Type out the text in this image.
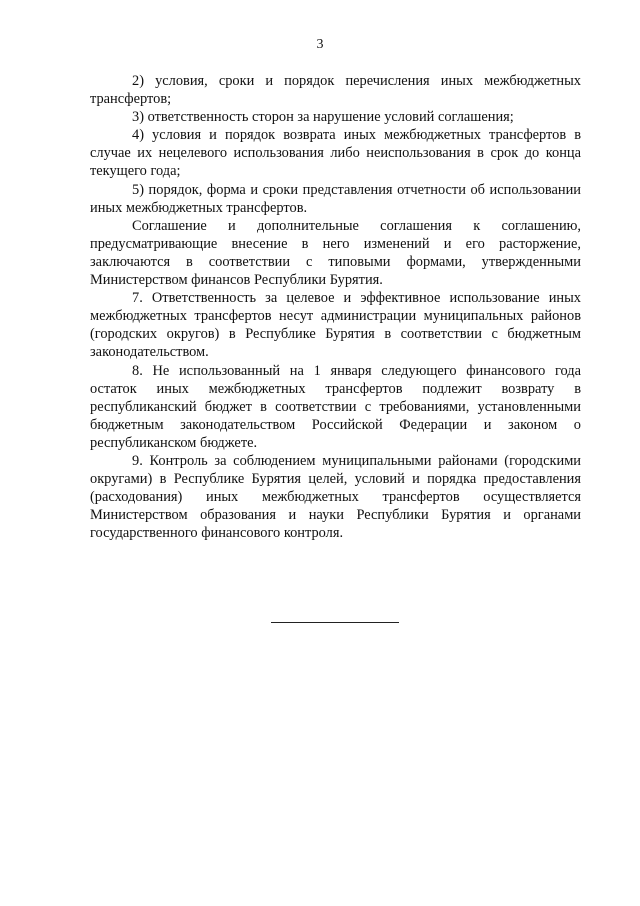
3

2) условия, сроки и порядок перечисления иных межбюджетных трансфертов;

3) ответственность сторон за нарушение условий соглашения;

4) условия и порядок возврата иных межбюджетных трансфертов в случае их нецелевого использования либо неиспользования в срок до конца текущего года;

5) порядок, форма и сроки представления отчетности об использовании иных межбюджетных трансфертов.

Соглашение и дополнительные соглашения к соглашению, предусматривающие внесение в него изменений и его расторжение, заключаются в соответствии с типовыми формами, утвержденными Министерством финансов Республики Бурятия.

7. Ответственность за целевое и эффективное использование иных межбюджетных трансфертов несут администрации муниципальных районов (городских округов) в Республике Бурятия в соответствии с бюджетным законодательством.

8. Не использованный на 1 января следующего финансового года остаток иных межбюджетных трансфертов подлежит возврату в республиканский бюджет в соответствии с требованиями, установленными бюджетным законодательством Российской Федерации и законом о республиканском бюджете.

9. Контроль за соблюдением муниципальными районами (городскими округами) в Республике Бурятия целей, условий и порядка предоставления (расходования) иных межбюджетных трансфертов осуществляется Министерством образования и науки Республики Бурятия и органами государственного финансового контроля.
